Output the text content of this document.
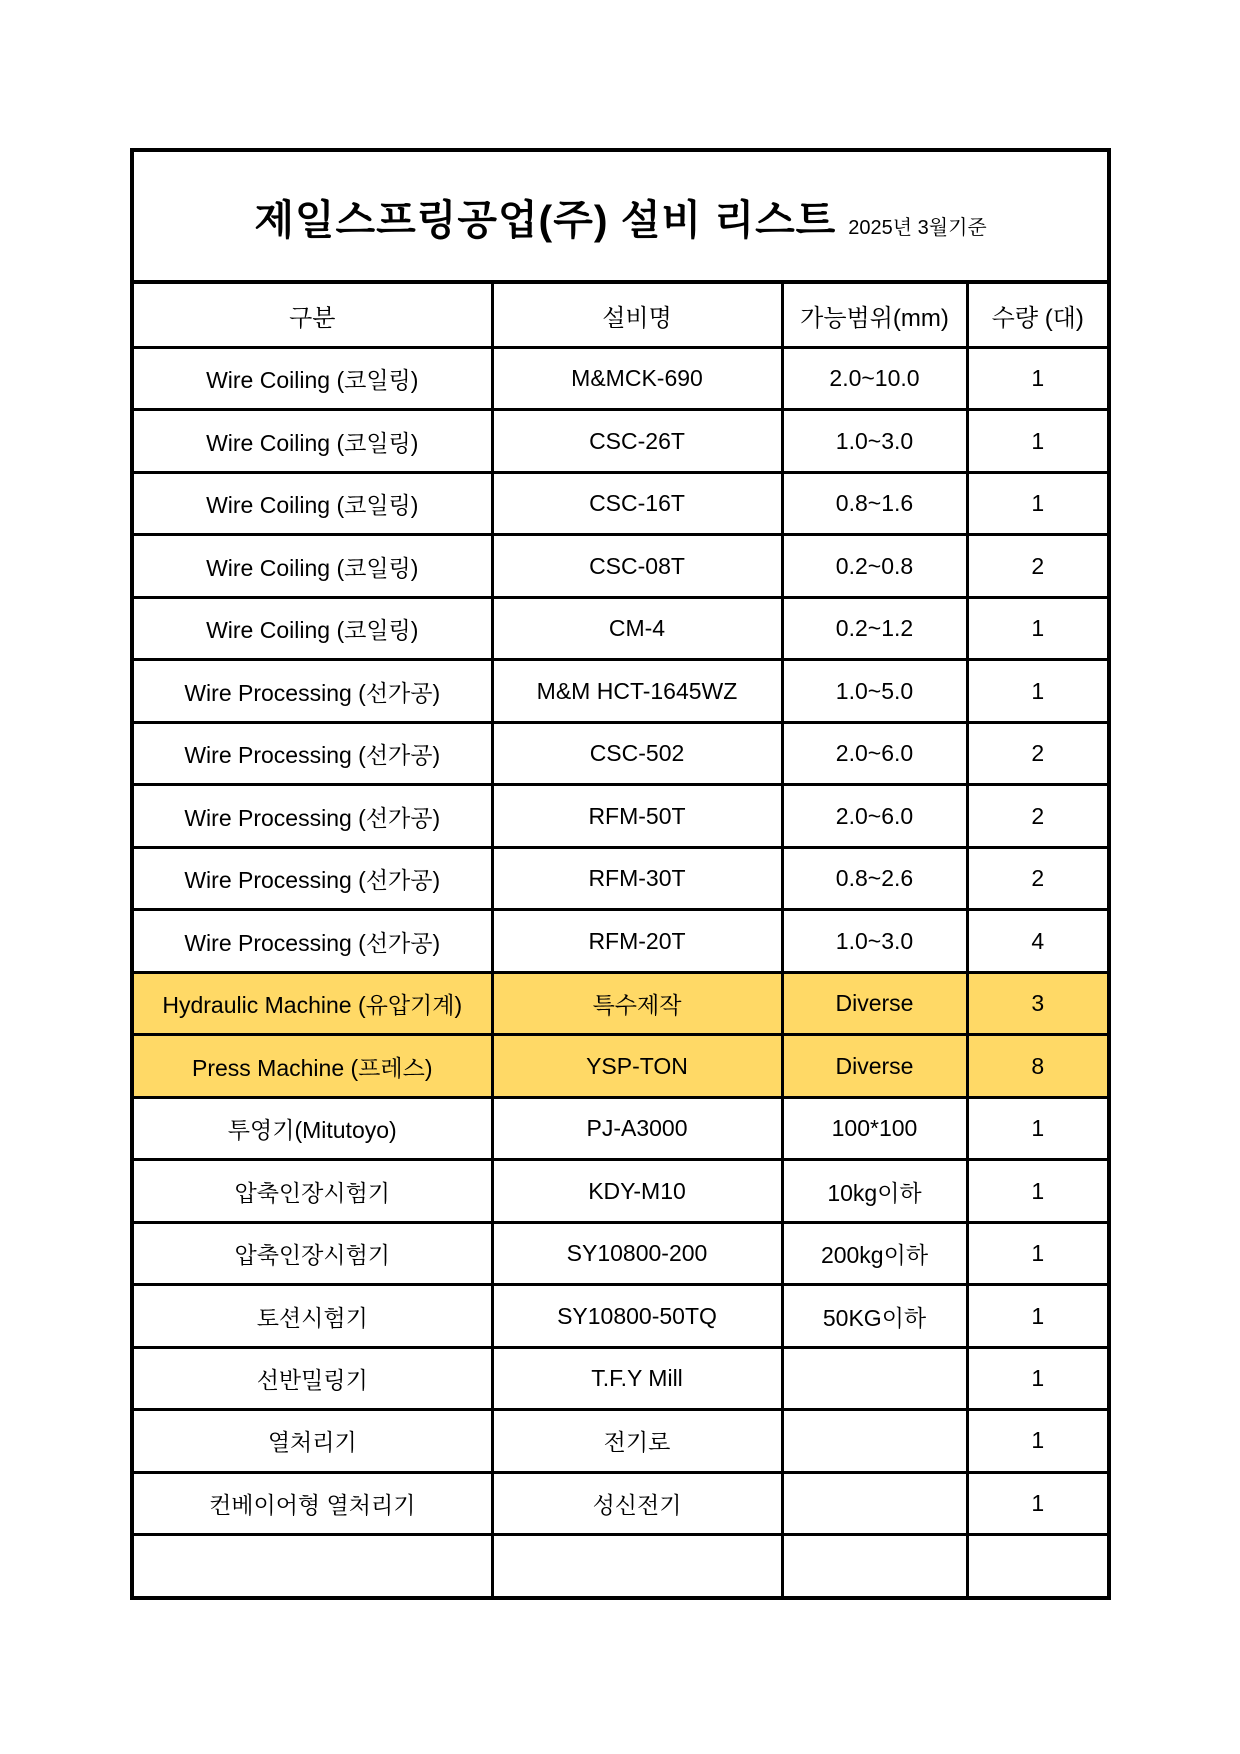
제일스프링공업(주) 설비 리스트 2025년 3월기준			

구분	설비명	가능범위(mm)	수량 (대)
Wire Coiling (코일링)	M&MCK-690	2.0~10.0	1
Wire Coiling (코일링)	CSC-26T	1.0~3.0	1
Wire Coiling (코일링)	CSC-16T	0.8~1.6	1
Wire Coiling (코일링)	CSC-08T	0.2~0.8	2
Wire Coiling (코일링)	CM-4	0.2~1.2	1
Wire Processing (선가공)	M&M HCT-1645WZ	1.0~5.0	1
Wire Processing (선가공)	CSC-502	2.0~6.0	2
Wire Processing (선가공)	RFM-50T	2.0~6.0	2
Wire Processing (선가공)	RFM-30T	0.8~2.6	2
Wire Processing (선가공)	RFM-20T	1.0~3.0	4
Hydraulic Machine (유압기계)	특수제작	Diverse	3
Press Machine (프레스)	YSP-TON	Diverse	8
투영기(Mitutoyo)	PJ-A3000	100*100	1
압축인장시험기	KDY-M10	10kg이하	1
압축인장시험기	SY10800-200	200kg이하	1
토션시험기	SY10800-50TQ	50KG이하	1
선반밀링기	T.F.Y Mill		1
열처리기	전기로		1
컨베이어형 열처리기	성신전기		1
